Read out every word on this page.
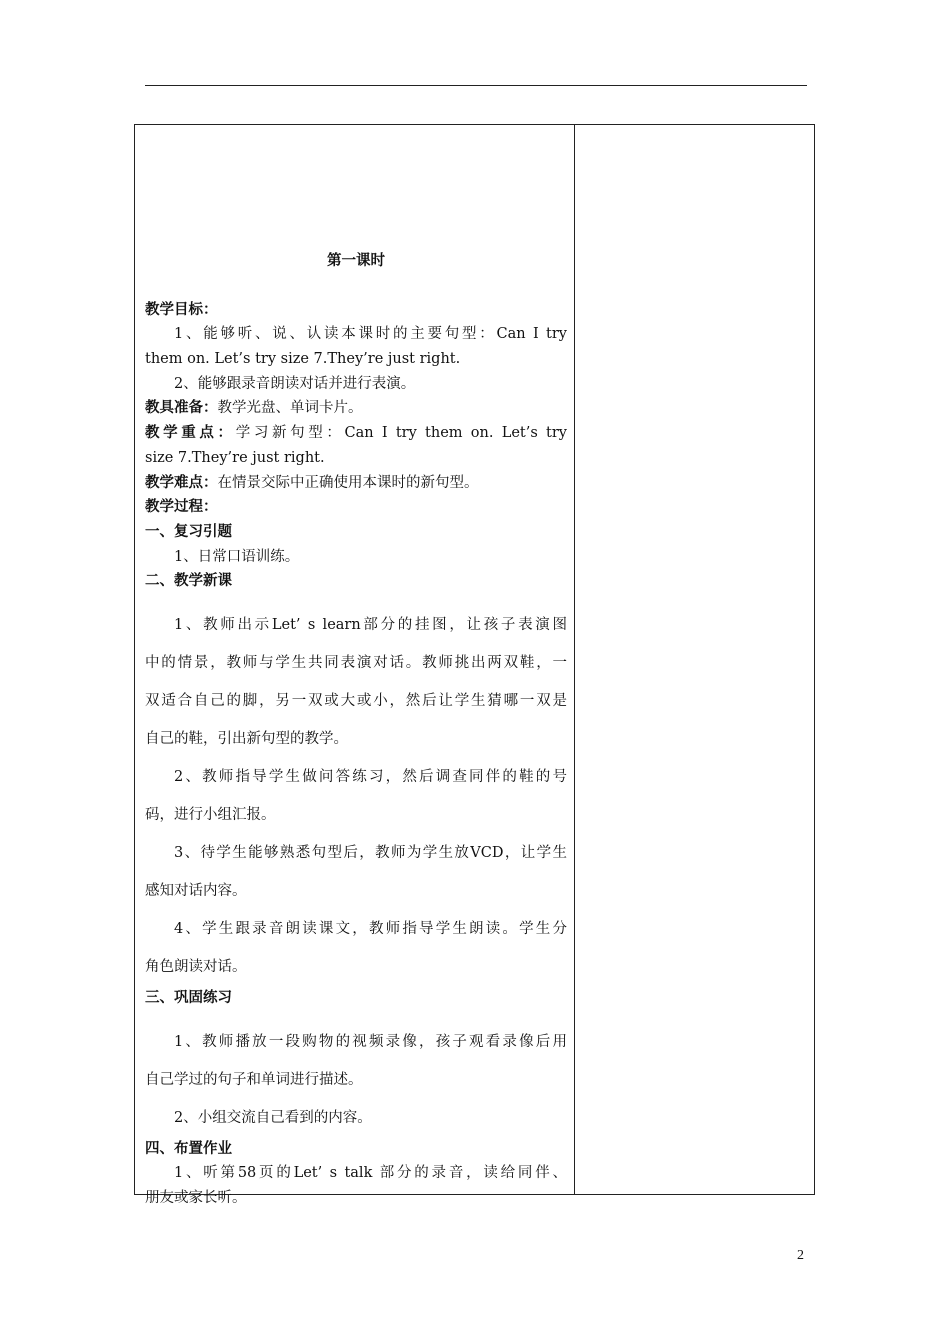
第一课时
教学目标：
1、能够听、说、认读本课时的主要句型：Can I try
them on. Let’s try size 7.They’re just right.
2、能够跟录音朗读对话并进行表演。
教具准备：教学光盘、单词卡片。
教学重点：学习新句型：Can I try them on. Let’s try
size 7.They’re just right.
教学难点：在情景交际中正确使用本课时的新句型。
教学过程：
一、复习引题
1、日常口语训练。
二、教学新课
1、教师出示Let’ s learn部分的挂图，让孩子表演图
中的情景，教师与学生共同表演对话。教师挑出两双鞋，一
双适合自己的脚，另一双或大或小，然后让学生猜哪一双是
自己的鞋，引出新句型的教学。
2、教师指导学生做问答练习，然后调查同伴的鞋的号
码，进行小组汇报。
3、待学生能够熟悉句型后，教师为学生放VCD，让学生
感知对话内容。
4、学生跟录音朗读课文，教师指导学生朗读。学生分
角色朗读对话。
三、巩固练习
1、教师播放一段购物的视频录像，孩子观看录像后用
自己学过的句子和单词进行描述。
2、小组交流自己看到的内容。
四、布置作业
1、听第58页的Let’ s talk 部分的录音，读给同伴、
朋友或家长听。
2
